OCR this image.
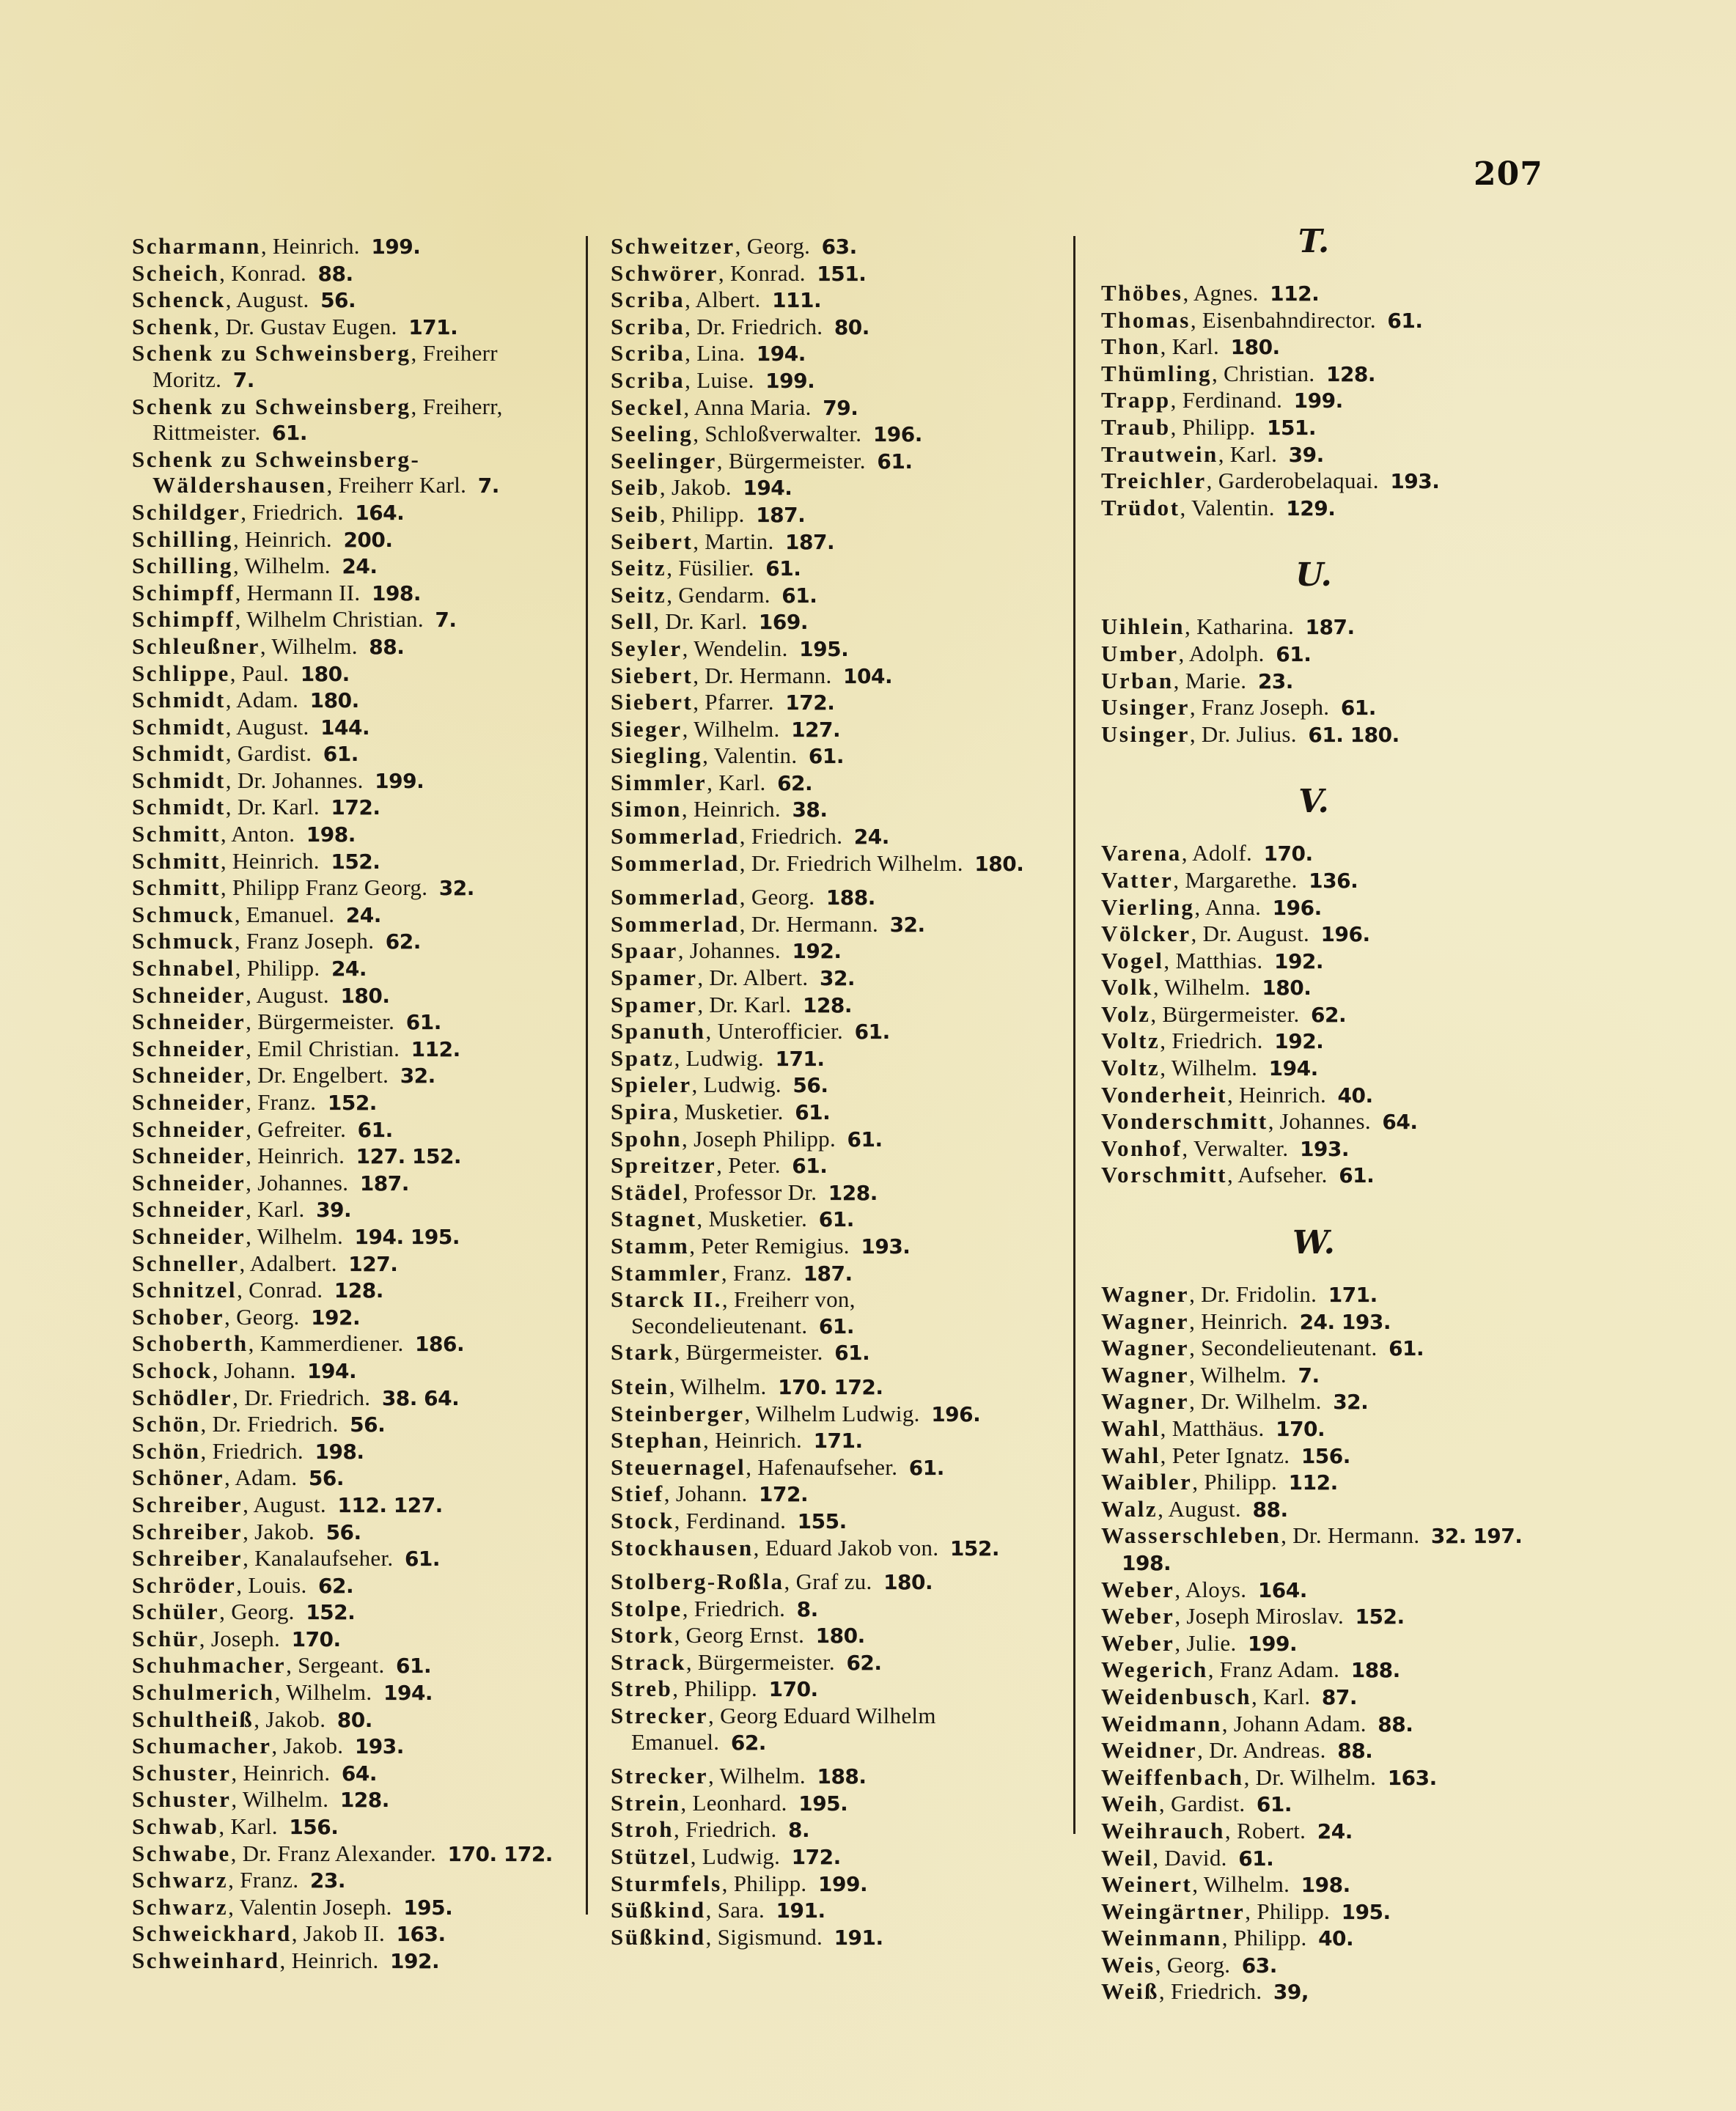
207
Scharmann, Heinrich. 199.
Scheich, Konrad. 88.
Schenck, August. 56.
Schenk, Dr. Gustav Eugen. 171.
Schenk zu Schweinsberg, Freiherr Moritz. 7.
Schenk zu Schweinsberg, Freiherr, Rittmeister. 61.
Schenk zu Schweinsberg-Wäldershausen, Freiherr Karl. 7.
Schildger, Friedrich. 164.
Schilling, Heinrich. 200.
Schilling, Wilhelm. 24.
Schimpff, Hermann II. 198.
Schimpff, Wilhelm Christian. 7.
Schleußner, Wilhelm. 88.
Schlippe, Paul. 180.
Schmidt, Adam. 180.
Schmidt, August. 144.
Schmidt, Gardist. 61.
Schmidt, Dr. Johannes. 199.
Schmidt, Dr. Karl. 172.
Schmitt, Anton. 198.
Schmitt, Heinrich. 152.
Schmitt, Philipp Franz Georg. 32.
Schmuck, Emanuel. 24.
Schmuck, Franz Joseph. 62.
Schnabel, Philipp. 24.
Schneider, August. 180.
Schneider, Bürgermeister. 61.
Schneider, Emil Christian. 112.
Schneider, Dr. Engelbert. 32.
Schneider, Franz. 152.
Schneider, Gefreiter. 61.
Schneider, Heinrich. 127. 152.
Schneider, Johannes. 187.
Schneider, Karl. 39.
Schneider, Wilhelm. 194. 195.
Schneller, Adalbert. 127.
Schnitzel, Conrad. 128.
Schober, Georg. 192.
Schoberth, Kammerdiener. 186.
Schock, Johann. 194.
Schödler, Dr. Friedrich. 38. 64.
Schön, Dr. Friedrich. 56.
Schön, Friedrich. 198.
Schöner, Adam. 56.
Schreiber, August. 112. 127.
Schreiber, Jakob. 56.
Schreiber, Kanalaufseher. 61.
Schröder, Louis. 62.
Schüler, Georg. 152.
Schür, Joseph. 170.
Schuhmacher, Sergeant. 61.
Schulmerich, Wilhelm. 194.
Schultheiß, Jakob. 80.
Schumacher, Jakob. 193.
Schuster, Heinrich. 64.
Schuster, Wilhelm. 128.
Schwab, Karl. 156.
Schwabe, Dr. Franz Alexander. 170. 172.
Schwarz, Franz. 23.
Schwarz, Valentin Joseph. 195.
Schweickhard, Jakob II. 163.
Schweinhard, Heinrich. 192.
Schweitzer, Georg. 63.
Schwörer, Konrad. 151.
Scriba, Albert. 111.
Scriba, Dr. Friedrich. 80.
Scriba, Lina. 194.
Scriba, Luise. 199.
Seckel, Anna Maria. 79.
Seeling, Schloßverwalter. 196.
Seelinger, Bürgermeister. 61.
Seib, Jakob. 194.
Seib, Philipp. 187.
Seibert, Martin. 187.
Seitz, Füsilier. 61.
Seitz, Gendarm. 61.
Sell, Dr. Karl. 169.
Seyler, Wendelin. 195.
Siebert, Dr. Hermann. 104.
Siebert, Pfarrer. 172.
Sieger, Wilhelm. 127.
Siegling, Valentin. 61.
Simmler, Karl. 62.
Simon, Heinrich. 38.
Sommerlad, Friedrich. 24.
Sommerlad, Dr. Friedrich Wilhelm. 180.
Sommerlad, Georg. 188.
Sommerlad, Dr. Hermann. 32.
Spaar, Johannes. 192.
Spamer, Dr. Albert. 32.
Spamer, Dr. Karl. 128.
Spanuth, Unterofficier. 61.
Spatz, Ludwig. 171.
Spieler, Ludwig. 56.
Spira, Musketier. 61.
Spohn, Joseph Philipp. 61.
Spreitzer, Peter. 61.
Städel, Professor Dr. 128.
Stagnet, Musketier. 61.
Stamm, Peter Remigius. 193.
Stammler, Franz. 187.
Starck II., Freiherr von, Secondelieutenant. 61.
Stark, Bürgermeister. 61.
Stein, Wilhelm. 170. 172.
Steinberger, Wilhelm Ludwig. 196.
Stephan, Heinrich. 171.
Steuernagel, Hafenaufseher. 61.
Stief, Johann. 172.
Stock, Ferdinand. 155.
Stockhausen, Eduard Jakob von. 152.
Stolberg-Roßla, Graf zu. 180.
Stolpe, Friedrich. 8.
Stork, Georg Ernst. 180.
Strack, Bürgermeister. 62.
Streb, Philipp. 170.
Strecker, Georg Eduard Wilhelm Emanuel. 62.
Strecker, Wilhelm. 188.
Strein, Leonhard. 195.
Stroh, Friedrich. 8.
Stützel, Ludwig. 172.
Sturmfels, Philipp. 199.
Süßkind, Sara. 191.
Süßkind, Sigismund. 191.
T.
Thöbes, Agnes. 112.
Thomas, Eisenbahndirector. 61.
Thon, Karl. 180.
Thümling, Christian. 128.
Trapp, Ferdinand. 199.
Traub, Philipp. 151.
Trautwein, Karl. 39.
Treichler, Garderobelaquai. 193.
Trüdot, Valentin. 129.
U.
Uihlein, Katharina. 187.
Umber, Adolph. 61.
Urban, Marie. 23.
Usinger, Franz Joseph. 61.
Usinger, Dr. Julius. 61. 180.
V.
Varena, Adolf. 170.
Vatter, Margarethe. 136.
Vierling, Anna. 196.
Völcker, Dr. August. 196.
Vogel, Matthias. 192.
Volk, Wilhelm. 180.
Volz, Bürgermeister. 62.
Voltz, Friedrich. 192.
Voltz, Wilhelm. 194.
Vonderheit, Heinrich. 40.
Vonderschmitt, Johannes. 64.
Vonhof, Verwalter. 193.
Vorschmitt, Aufseher. 61.
W.
Wagner, Dr. Fridolin. 171.
Wagner, Heinrich. 24. 193.
Wagner, Secondelieutenant. 61.
Wagner, Wilhelm. 7.
Wagner, Dr. Wilhelm. 32.
Wahl, Matthäus. 170.
Wahl, Peter Ignatz. 156.
Waibler, Philipp. 112.
Walz, August. 88.
Wasserschleben, Dr. Hermann. 32. 197. 198.
Weber, Aloys. 164.
Weber, Joseph Miroslav. 152.
Weber, Julie. 199.
Wegerich, Franz Adam. 188.
Weidenbusch, Karl. 87.
Weidmann, Johann Adam. 88.
Weidner, Dr. Andreas. 88.
Weiffenbach, Dr. Wilhelm. 163.
Weih, Gardist. 61.
Weihrauch, Robert. 24.
Weil, David. 61.
Weinert, Wilhelm. 198.
Weingärtner, Philipp. 195.
Weinmann, Philipp. 40.
Weis, Georg. 63.
Weiß, Friedrich. 39,
